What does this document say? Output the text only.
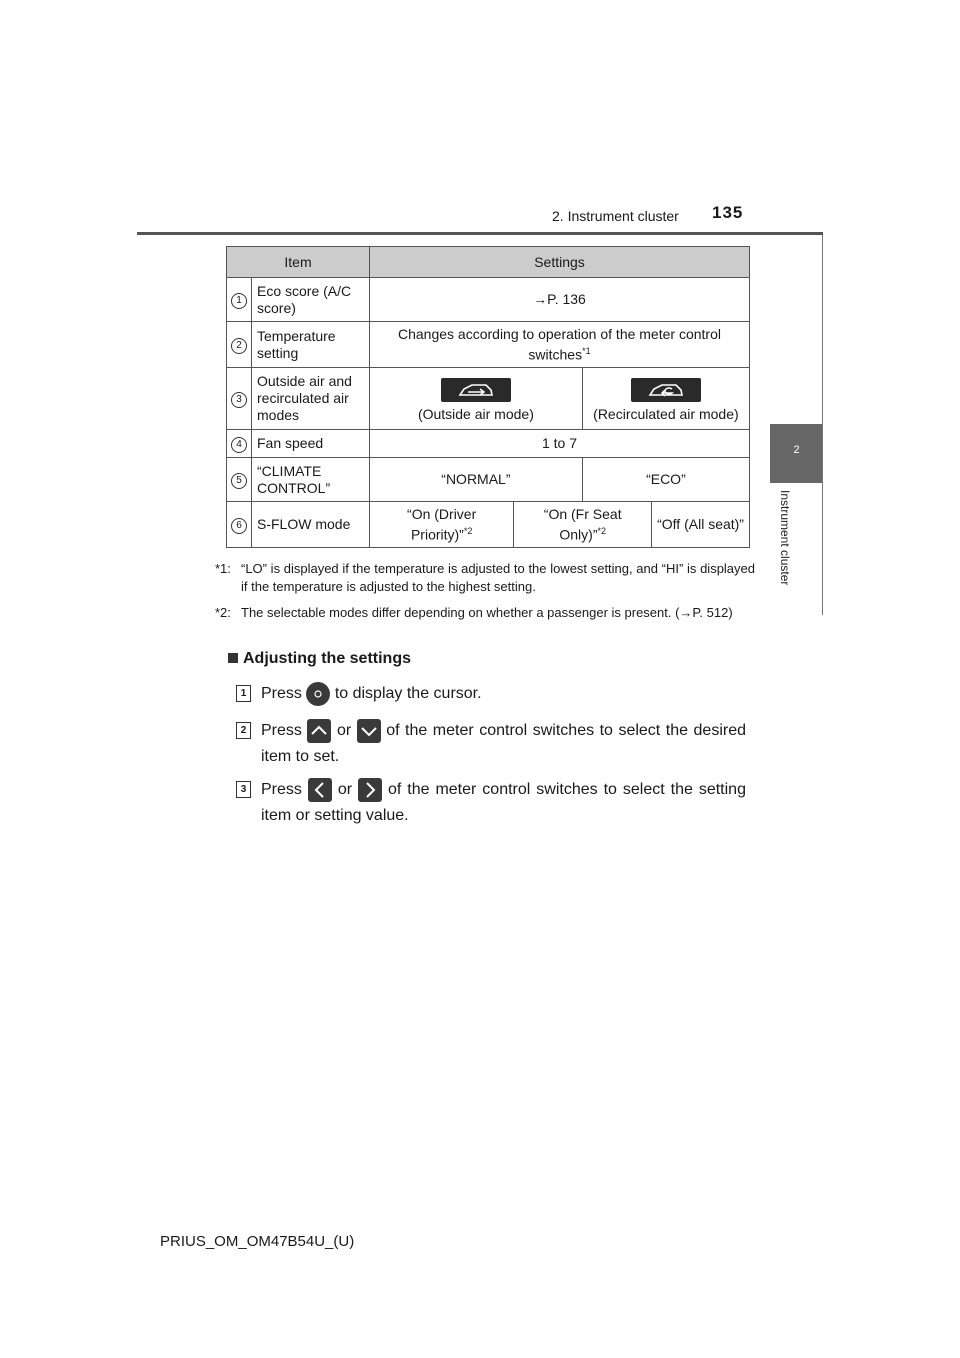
2. Instrument cluster 135
2
Instrument cluster
Item		Settings			
1	Eco score (A/C score)	→P. 136			
2	Temperature setting	Changes according to operation of the meter control switches$^{*1}$
3	Outside air and recirculated air modes	(Outside air mode)		(Recirculated air mode)	
4	Fan speed	1 to 7			
5	“CLIMATE CONTROL”	“NORMAL”		“ECO”	
6	S-FLOW mode	“On (Driver Priority)”$^{*2}$	“On (Fr Seat Only)”$^{*2}$		“Off (All seat)”
*1: “LO” is displayed if the temperature is adjusted to the lowest setting, and “HI” is displayed if the temperature is adjusted to the highest setting.
*2: The selectable modes differ depending on whether a passenger is present. (→P. 512)
Adjusting the settings
1 Press to display the cursor.
2 Press or of the meter control switches to select the desired item to set.
3 Press or of the meter control switches to select the setting item or setting value.
PRIUS_OM_OM47B54U_(U)
